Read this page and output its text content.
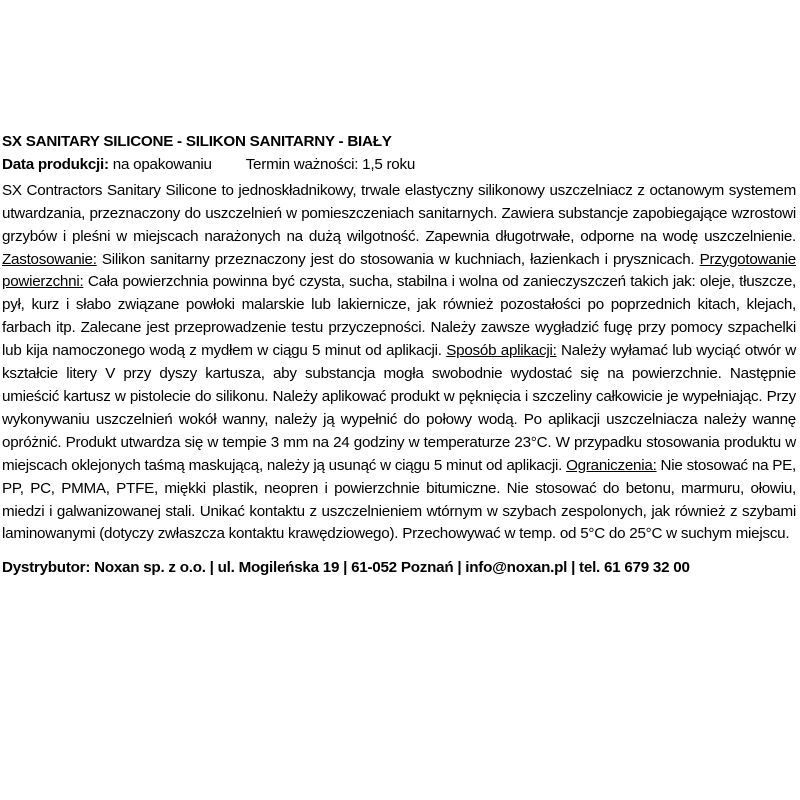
SX SANITARY SILICONE - SILIKON SANITARNY - BIAŁY
Data produkcji: na opakowaniu Termin ważności: 1,5 roku
SX Contractors Sanitary Silicone to jednoskładnikowy, trwale elastyczny silikonowy uszczelniacz z octanowym systemem utwardzania, przeznaczony do uszczelnień w pomieszczeniach sanitarnych. Zawiera substancje zapobiegające wzrostowi grzybów i pleśni w miejscach narażonych na dużą wilgotność. Zapewnia długotrwałe, odporne na wodę uszczelnienie. Zastosowanie: Silikon sanitarny przeznaczony jest do stosowania w kuchniach, łazienkach i prysznicach. Przygotowanie powierzchni: Cała powierzchnia powinna być czysta, sucha, stabilna i wolna od zanieczyszczeń takich jak: oleje, tłuszcze, pył, kurz i słabo związane powłoki malarskie lub lakiernicze, jak również pozostałości po poprzednich kitach, klejach, farbach itp. Zalecane jest przeprowadzenie testu przyczepności. Należy zawsze wygładzić fugę przy pomocy szpachelki lub kija namoczonego wodą z mydłem w ciągu 5 minut od aplikacji. Sposób aplikacji: Należy wyłamać lub wyciąć otwór w kształcie litery V przy dyszy kartusza, aby substancja mogła swobodnie wydostać się na powierzchnie. Następnie umieścić kartusz w pistolecie do silikonu. Należy aplikować produkt w pęknięcia i szczeliny całkowicie je wypełniając. Przy wykonywaniu uszczelnień wokół wanny, należy ją wypełnić do połowy wodą. Po aplikacji uszczelniacza należy wannę opróżnić. Produkt utwardza się w tempie 3 mm na 24 godziny w temperaturze 23°C. W przypadku stosowania produktu w miejscach oklejonych taśmą maskującą, należy ją usunąć w ciągu 5 minut od aplikacji. Ograniczenia: Nie stosować na PE, PP, PC, PMMA, PTFE, miękki plastik, neopren i powierzchnie bitumiczne. Nie stosować do betonu, marmuru, ołowiu, miedzi i galwanizowanej stali. Unikać kontaktu z uszczelnieniem wtórnym w szybach zespolonych, jak również z szybami laminowanymi (dotyczy zwłaszcza kontaktu krawędziowego). Przechowywać w temp. od 5°C do 25°C w suchym miejscu.
Dystrybutor: Noxan sp. z o.o. | ul. Mogileńska 19 | 61-052 Poznań | info@noxan.pl | tel. 61 679 32 00
